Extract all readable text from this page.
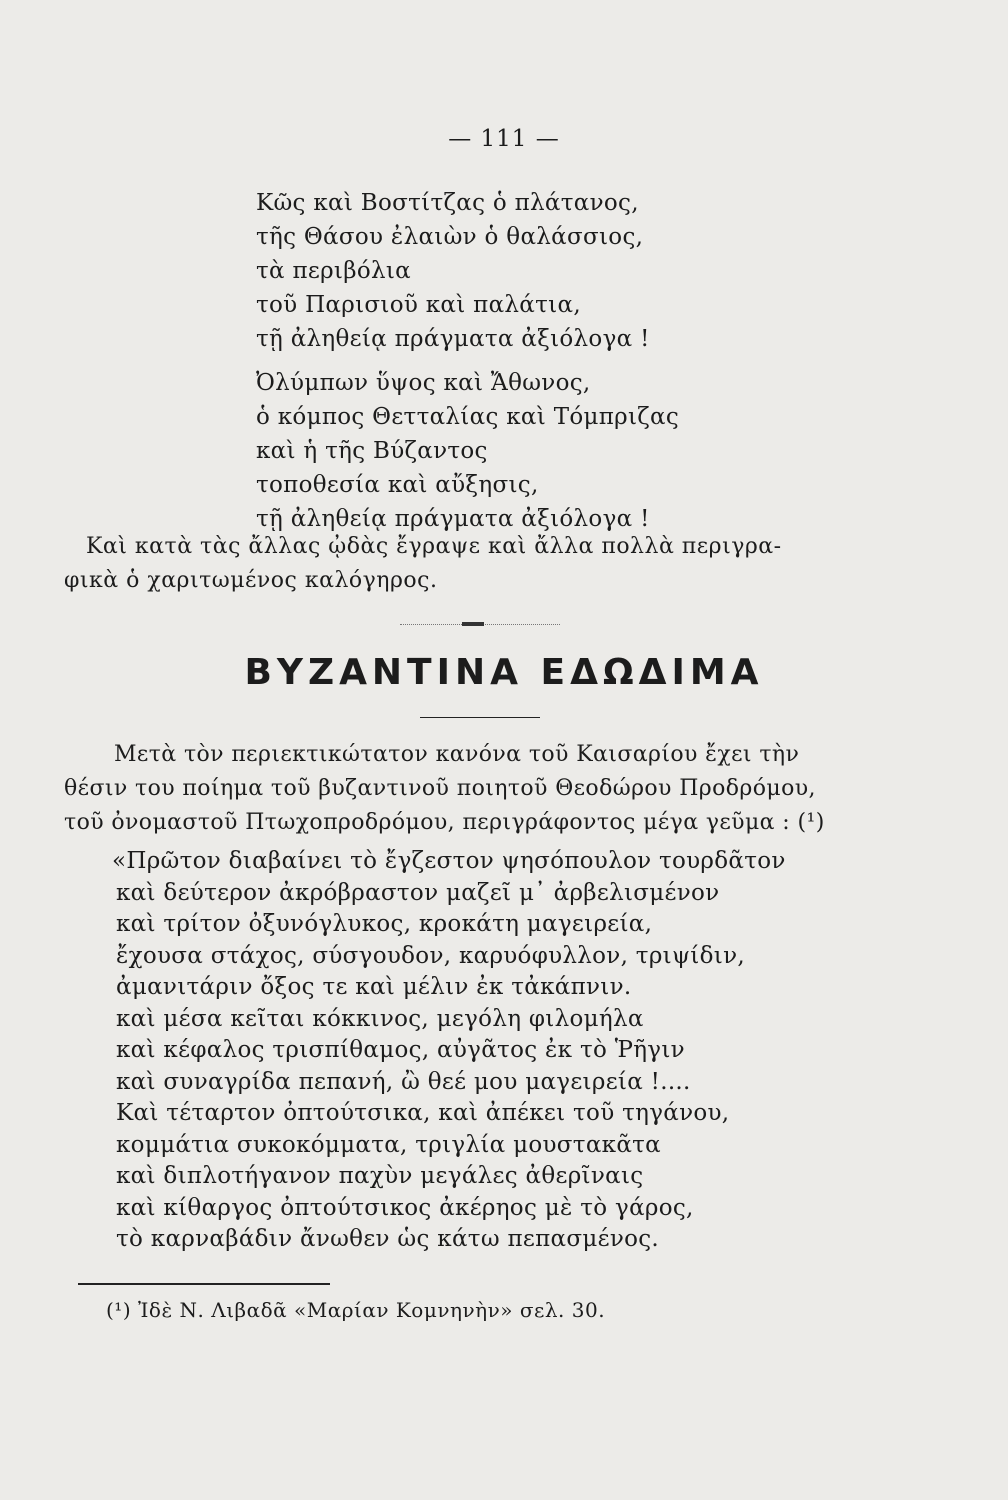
— 111 —
Κῶς καὶ Βοστίτζας ὁ πλάτανος,
τῆς Θάσου ἐλαιὼν ὁ θαλάσσιος,
τὰ περιβόλια
τοῦ Παρισιοῦ καὶ παλάτια,
τῇ ἀληθείᾳ πράγματα ἀξιόλογα !
Ὀλύμπων ὕψος καὶ Ἄθωνος,
ὁ κόμπος Θετταλίας καὶ Τόμπριζας
καὶ ἡ τῆς Βύζαντος
τοποθεσία καὶ αὔξησις,
τῇ ἀληθείᾳ πράγματα ἀξιόλογα !
Καὶ κατὰ τὰς ἄλλας ᾠδὰς ἔγραψε καὶ ἄλλα πολλὰ περιγρα-
φικὰ ὁ χαριτωμένος καλόγηρος.
ΒΥΖΑΝΤΙΝΑ ΕΔΩΔΙΜΑ
Μετὰ τὸν περιεκτικώτατον κανόνα τοῦ Καισαρίου ἔχει τὴν
θέσιν του ποίημα τοῦ βυζαντινοῦ ποιητοῦ Θεοδώρου Προδρόμου,
τοῦ ὀνομαστοῦ Πτωχοπροδρόμου, περιγράφοντος μέγα γεῦμα : (¹)
«Πρῶτον διαβαίνει τὸ ἔγζεστον ψησόπουλον τουρδᾶτον
καὶ δεύτερον ἀκρόβραστον μαζεῖ μ᾽ ἀρβελισμένον
καὶ τρίτον ὀξυνόγλυκος, κροκάτη μαγειρεία,
ἔχουσα στάχος, σύσγουδον, καρυόφυλλον, τριψίδιν,
ἀμανιτάριν ὄξος τε καὶ μέλιν ἐκ τἀκάπνιν.
καὶ μέσα κεῖται κόκκινος, μεγόλη φιλομήλα
καὶ κέφαλος τρισπίθαμος, αὐγᾶτος ἐκ τὸ Ῥῆγιν
καὶ συναγρίδα πεπανή, ὢ θεέ μου μαγειρεία !....
Καὶ τέταρτον ὀπτούτσικα, καὶ ἀπέκει τοῦ τηγάνου,
κομμάτια συκοκόμματα, τριγλία μουστακᾶτα
καὶ διπλοτήγανον παχὺν μεγάλες ἀθερῖναις
καὶ κίθαργος ὀπτούτσικος ἀκέρηος μὲ τὸ γάρος,
τὸ καρναβάδιν ἄνωθεν ὡς κάτω πεπασμένος.
(¹) Ἰδὲ Ν. Λιβαδᾶ «Μαρίαν Κομνηνὴν» σελ. 30.
